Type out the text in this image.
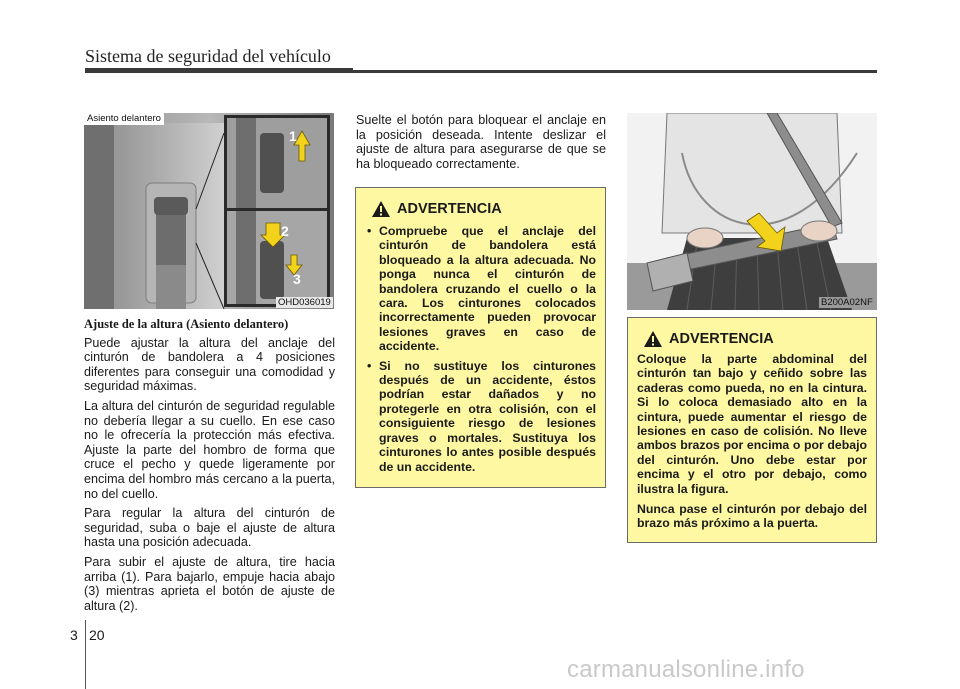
Sistema de seguridad del vehículo
Asiento delantero
1
2
3
OHD036019
Ajuste de la altura (Asiento delantero)

Puede ajustar la altura del anclaje del cinturón de bandolera a 4 posiciones diferentes para conseguir una comodidad y seguridad máximas.

La altura del cinturón de seguridad regulable no debería llegar a su cuello. En ese caso no le ofrecería la protección más efectiva. Ajuste la parte del hombro de forma que cruce el pecho y quede ligeramente por encima del hombro más cercano a la puerta, no del cuello.

Para regular la altura del cinturón de seguridad, suba o baje el ajuste de altura hasta una posición adecuada.

Para subir el ajuste de altura, tire hacia arriba (1). Para bajarlo, empuje hacia abajo (3) mientras aprieta el botón de ajuste de altura (2).

Suelte el botón para bloquear el anclaje en la posición deseada. Intente deslizar el ajuste de altura para asegurarse de que se ha bloqueado correctamente.

ADVERTENCIA
• Compruebe que el anclaje del cinturón de bandolera está bloqueado a la altura adecuada. No ponga nunca el cinturón de bandolera cruzando el cuello o la cara. Los cinturones colocados incorrectamente pueden provocar lesiones graves en caso de accidente.
• Si no sustituye los cinturones después de un accidente, éstos podrían estar dañados y no protegerle en otra colisión, con el consiguiente riesgo de lesiones graves o mortales. Sustituya los cinturones lo antes posible después de un accidente.
B200A02NF
ADVERTENCIA

Coloque la parte abdominal del cinturón tan bajo y ceñido sobre las caderas como pueda, no en la cintura. Si lo coloca demasiado alto en la cintura, puede aumentar el riesgo de lesiones en caso de colisión. No lleve ambos brazos por encima o por debajo del cinturón. Uno debe estar por encima y el otro por debajo, como ilustra la figura.

Nunca pase el cinturón por debajo del brazo más próximo a la puerta.

3 20
carmanualsonline.info
